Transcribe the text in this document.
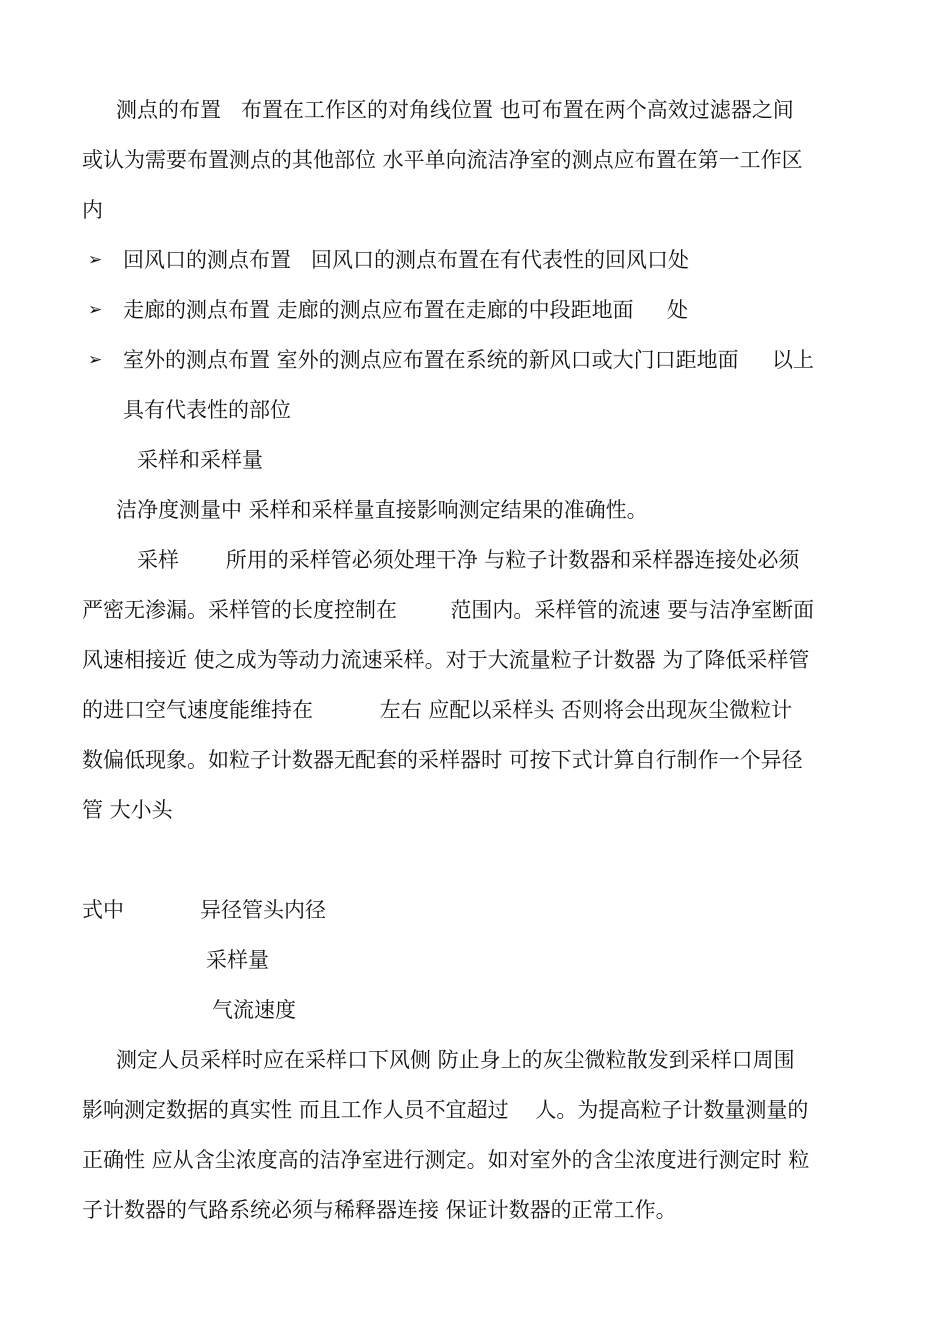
测点的布置   布置在工作区的对角线位置 也可布置在两个高效过滤器之间
或认为需要布置测点的其他部位 水平单向流洁净室的测点应布置在第一工作区
内
➢ 回风口的测点布置   回风口的测点布置在有代表性的回风口处
➢ 走廊的测点布置 走廊的测点应布置在走廊的中段距地面     处
➢ 室外的测点布置 室外的测点应布置在系统的新风口或大门口距地面     以上
具有代表性的部位
采样和采样量
洁净度测量中 采样和采样量直接影响测定结果的准确性。
采样       所用的采样管必须处理干净 与粒子计数器和采样器连接处必须
严密无渗漏。采样管的长度控制在        范围内。采样管的流速 要与洁净室断面
风速相接近 使之成为等动力流速采样。对于大流量粒子计数器 为了降低采样管
的进口空气速度能维持在          左右 应配以采样头 否则将会出现灰尘微粒计
数偏低现象。如粒子计数器无配套的采样器时 可按下式计算自行制作一个异径
管 大小头
式中	异径管头内径
采样量
气流速度
测定人员采样时应在采样口下风侧 防止身上的灰尘微粒散发到采样口周围
影响测定数据的真实性 而且工作人员不宜超过    人。为提高粒子计数量测量的
正确性 应从含尘浓度高的洁净室进行测定。如对室外的含尘浓度进行测定时 粒
子计数器的气路系统必须与稀释器连接 保证计数器的正常工作。
